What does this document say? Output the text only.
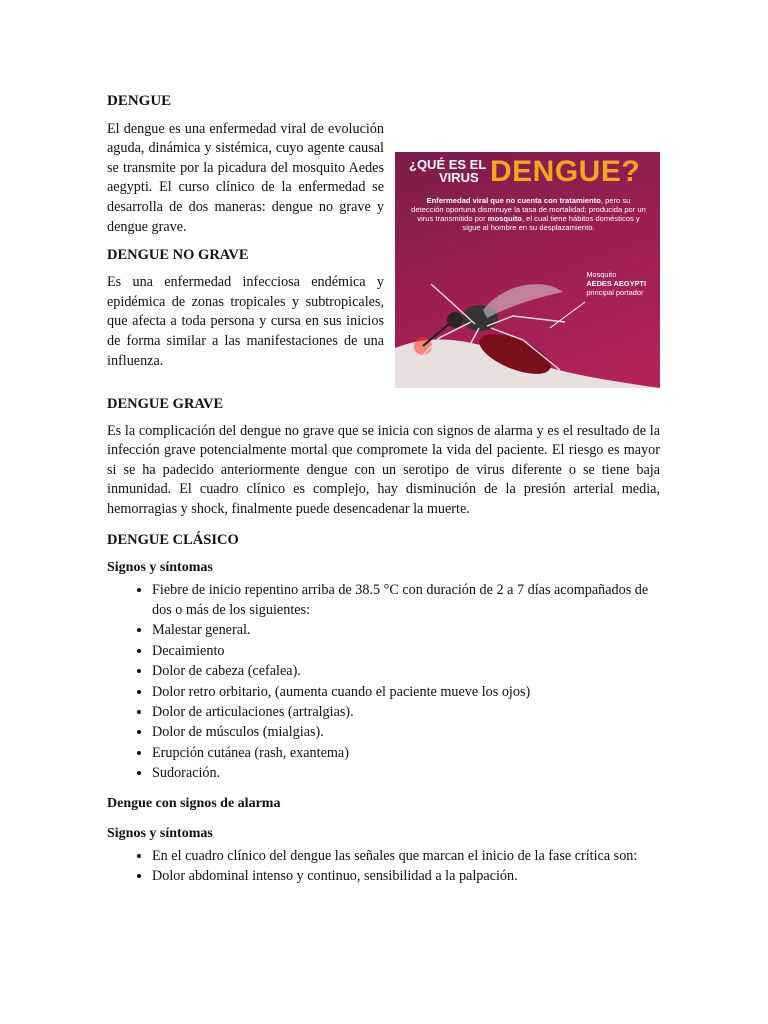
DENGUE

El dengue es una enfermedad viral de evolución aguda, dinámica y sistémica, cuyo agente causal se transmite por la picadura del mosquito Aedes aegypti. El curso clínico de la enfermedad se desarrolla de dos maneras: dengue no grave y dengue grave.

DENGUE NO GRAVE

Es una enfermedad infecciosa endémica y epidémica de zonas tropicales y subtropicales, que afecta a toda persona y cursa en sus inicios de forma similar a las manifestaciones de una influenza.

¿QUÉ ES EL
VIRUS DENGUE?
Enfermedad viral que no cuenta con tratamiento, pero su detección oportuna disminuye la tasa de mortalidad; producida por un virus transmitido por mosquito, el cual tiene hábitos domésticos y sigue al hombre en su desplazamiento.
Mosquito
AEDES AEGYPTI
principal portador
DENGUE GRAVE

Es la complicación del dengue no grave que se inicia con signos de alarma y es el resultado de la infección grave potencialmente mortal que compromete la vida del paciente. El riesgo es mayor si se ha padecido anteriormente dengue con un serotipo de virus diferente o se tiene baja inmunidad. El cuadro clínico es complejo, hay disminución de la presión arterial media, hemorragias y shock, finalmente puede desencadenar la muerte.

DENGUE CLÁSICO
Signos y síntomas
• Fiebre de inicio repentino arriba de 38.5 °C con duración de 2 a 7 días acompañados de dos o más de los siguientes:
• Malestar general.
• Decaimiento
• Dolor de cabeza (cefalea).
• Dolor retro orbitario, (aumenta cuando el paciente mueve los ojos)
• Dolor de articulaciones (artralgias).
• Dolor de músculos (mialgias).
• Erupción cutánea (rash, exantema)
• Sudoración.
Dengue con signos de alarma
Signos y síntomas
• En el cuadro clínico del dengue las señales que marcan el inicio de la fase crítica son:
• Dolor abdominal intenso y continuo, sensibilidad a la palpación.
